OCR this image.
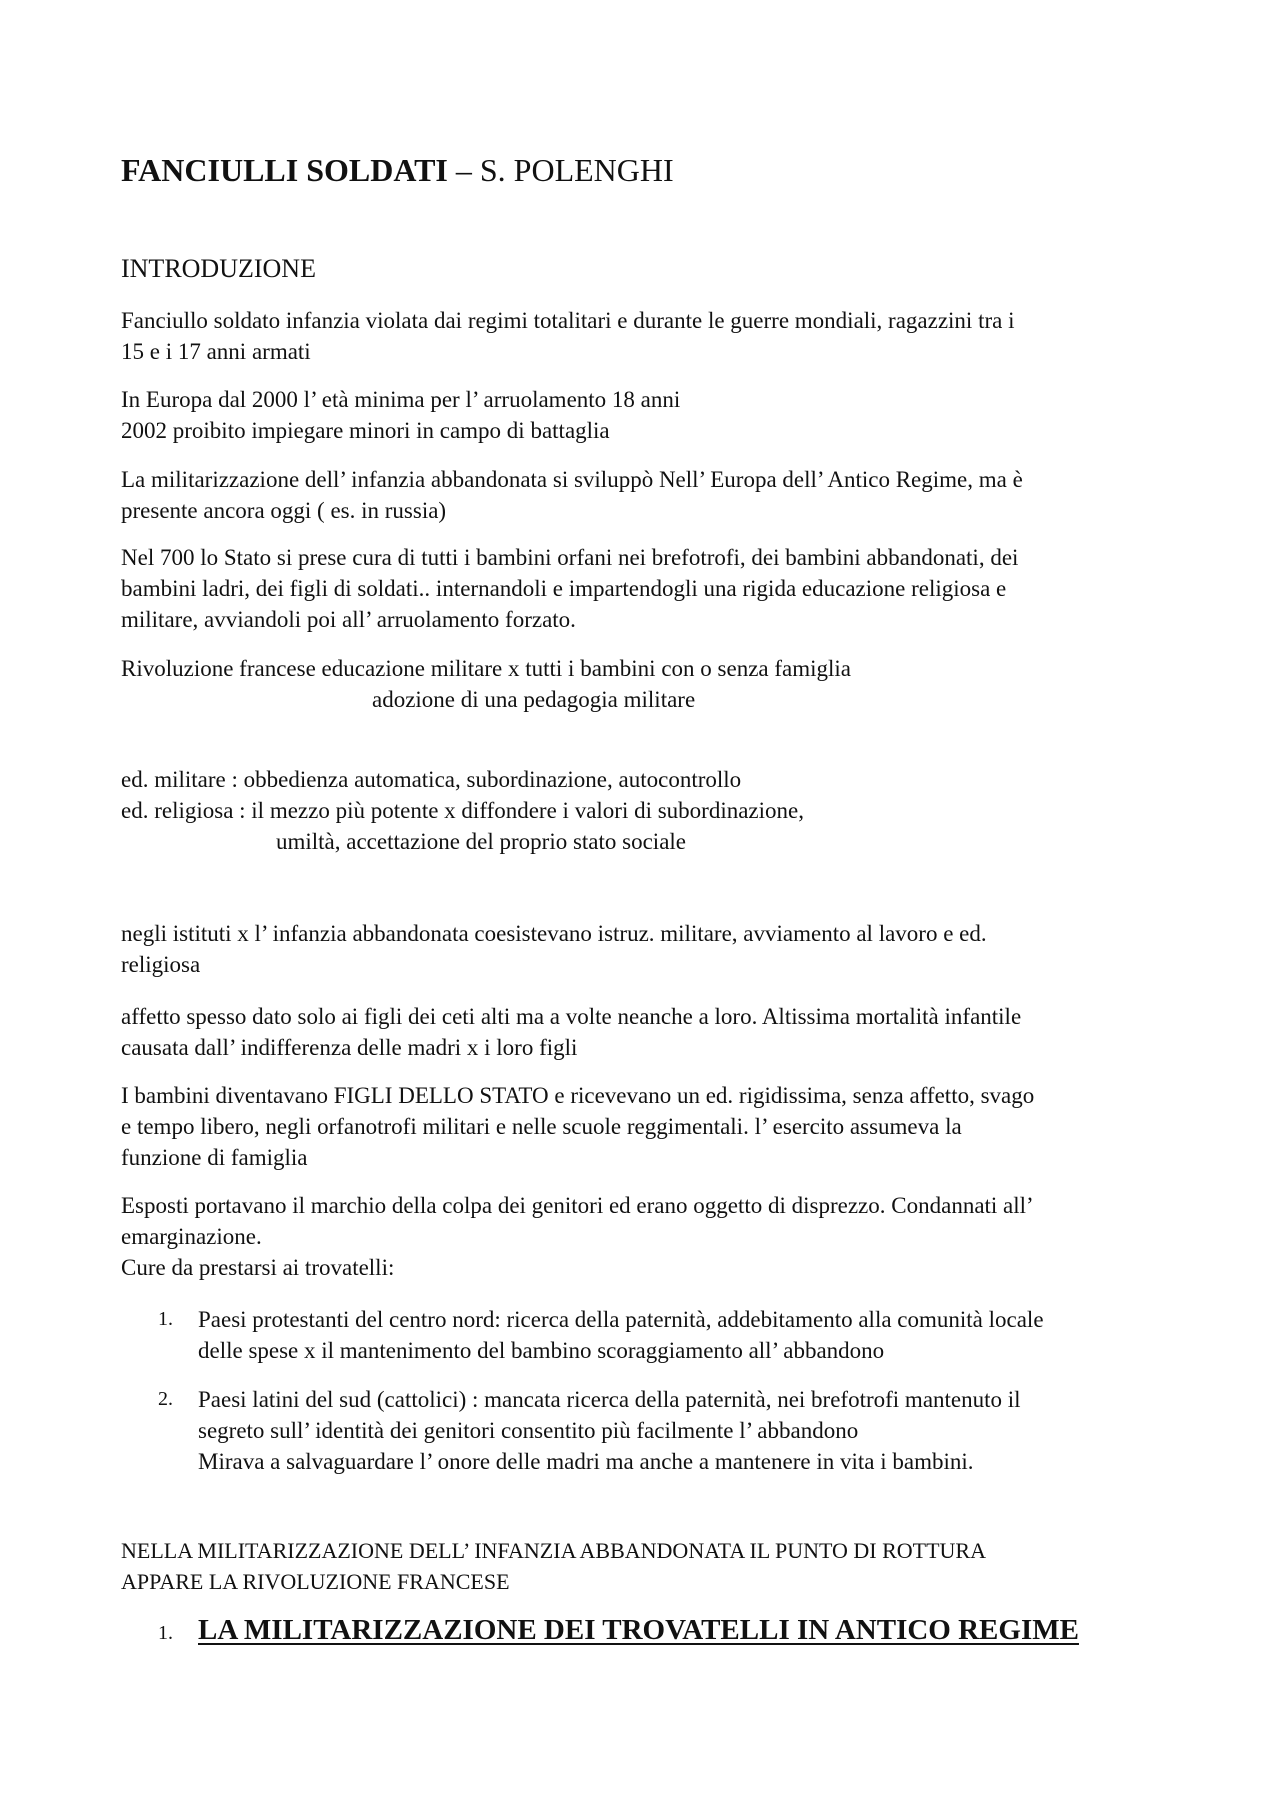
FANCIULLI SOLDATI – S. POLENGHI
INTRODUZIONE
Fanciullo soldato infanzia violata dai regimi totalitari e durante le guerre mondiali, ragazzini tra i
15 e i 17 anni armati
In Europa dal 2000 l’ età minima per l’ arruolamento 18 anni
2002 proibito impiegare minori in campo di battaglia
La militarizzazione dell’ infanzia abbandonata si sviluppò Nell’ Europa dell’ Antico Regime, ma è
presente ancora oggi ( es. in russia)
Nel 700 lo Stato si prese cura di tutti i bambini orfani nei brefotrofi, dei bambini abbandonati, dei
bambini ladri, dei figli di soldati.. internandoli e impartendogli una rigida educazione religiosa e
militare, avviandoli poi all’ arruolamento forzato.
Rivoluzione francese educazione militare x tutti i bambini con o senza famiglia
adozione di una pedagogia militare
ed. militare : obbedienza automatica, subordinazione, autocontrollo
ed. religiosa : il mezzo più potente x diffondere i valori di subordinazione,
umiltà, accettazione del proprio stato sociale
negli istituti x l’ infanzia abbandonata coesistevano istruz. militare, avviamento al lavoro e ed.
religiosa
affetto spesso dato solo ai figli dei ceti alti ma a volte neanche a loro. Altissima mortalità infantile
causata dall’ indifferenza delle madri x i loro figli
I bambini diventavano FIGLI DELLO STATO e ricevevano un ed. rigidissima, senza affetto, svago
e tempo libero, negli orfanotrofi militari e nelle scuole reggimentali. l’ esercito assumeva la
funzione di famiglia
Esposti portavano il marchio della colpa dei genitori ed erano oggetto di disprezzo. Condannati all’
emarginazione.
Cure da prestarsi ai trovatelli:
1. Paesi protestanti del centro nord: ricerca della paternità, addebitamento alla comunità locale
delle spese x il mantenimento del bambino scoraggiamento all’ abbandono
2. Paesi latini del sud (cattolici) : mancata ricerca della paternità, nei brefotrofi mantenuto il
segreto sull’ identità dei genitori consentito più facilmente l’ abbandono
Mirava a salvaguardare l’ onore delle madri ma anche a mantenere in vita i bambini.
NELLA MILITARIZZAZIONE DELL’ INFANZIA ABBANDONATA IL PUNTO DI ROTTURA
APPARE LA RIVOLUZIONE FRANCESE
1. LA MILITARIZZAZIONE DEI TROVATELLI IN ANTICO REGIME
